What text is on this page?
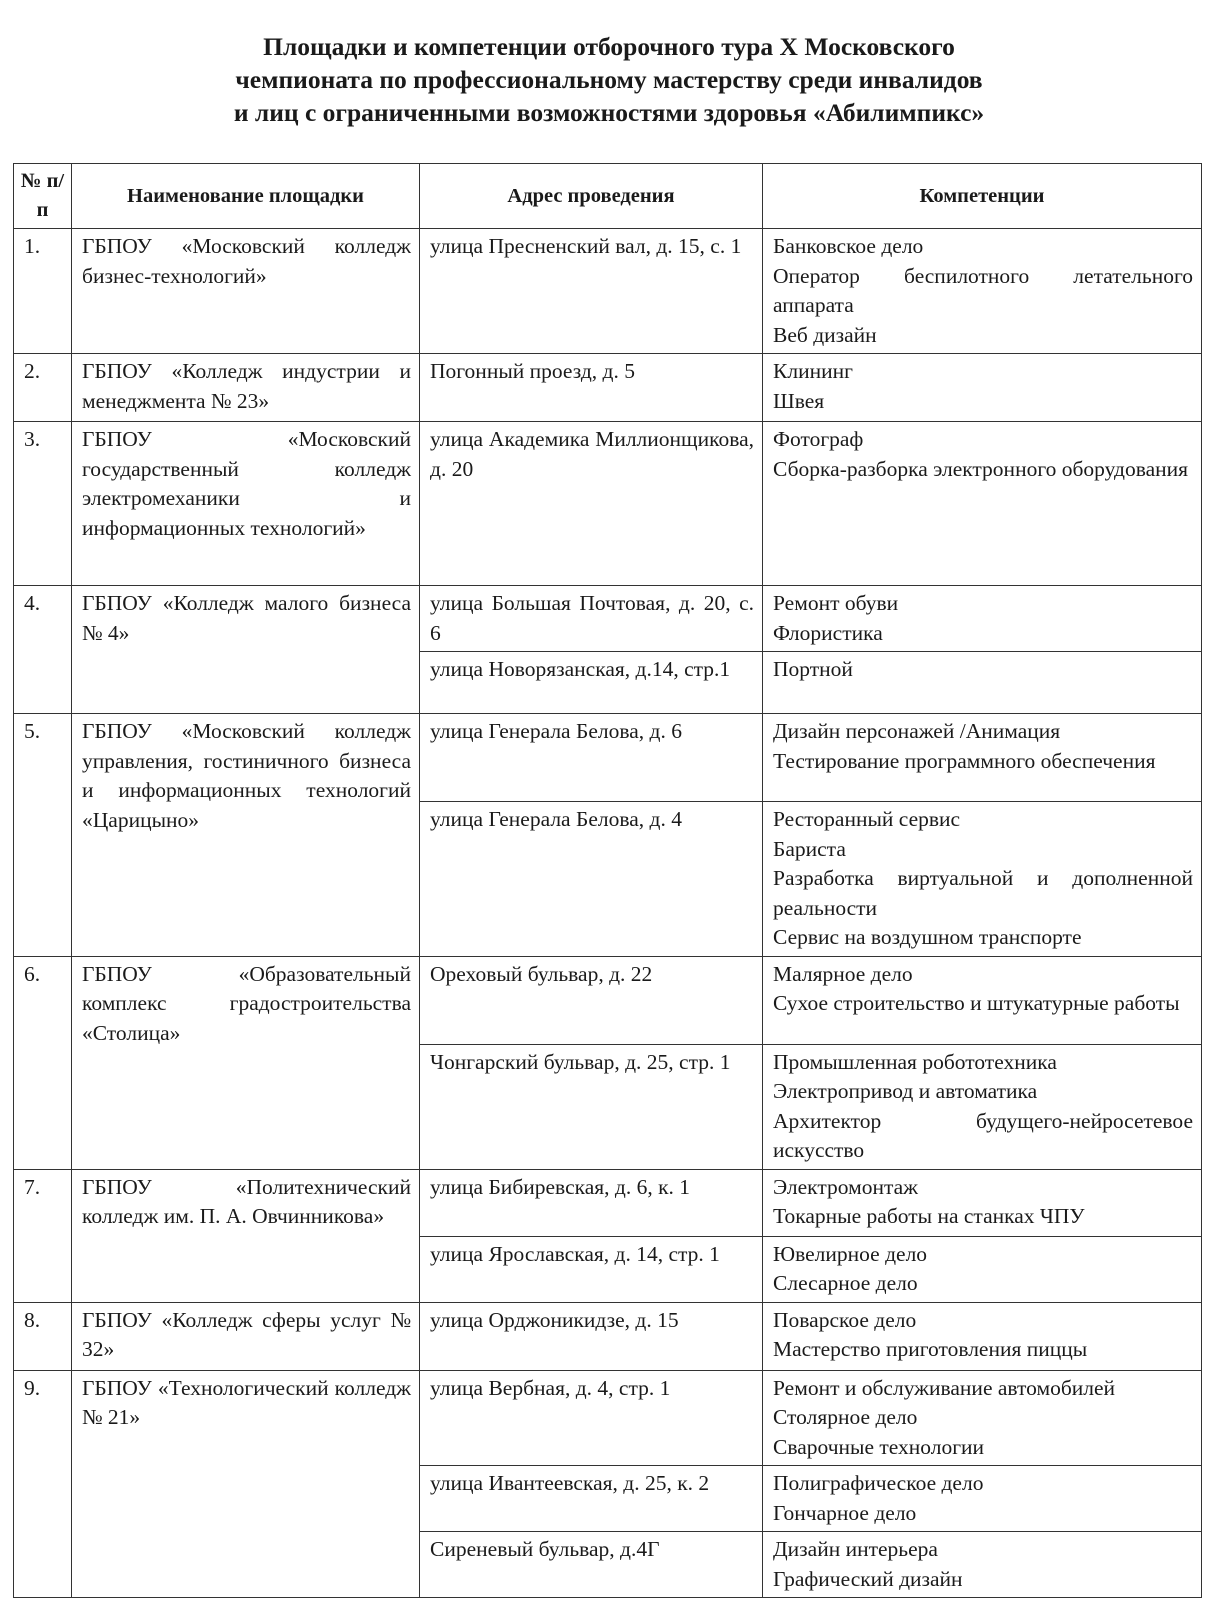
Площадки и компетенции отборочного тура X Московского
чемпионата по профессиональному мастерству среди инвалидов
и лиц с ограниченными возможностями здоровья «Абилимпикс»
№ п/п	Наименование площадки	Адрес проведения	Компетенции
1.	ГБПОУ «Московский колледж бизнес-технологий»	улица Пресненский вал, д. 15, с. 1	Банковское дело
Оператор беспилотного летательного аппарата
Веб дизайн

2.	ГБПОУ «Колледж индустрии и менеджмента № 23»	Погонный проезд, д. 5	Клининг
Швея

3.	ГБПОУ «Московский государственный колледж электромеханики и информационных технологий»	улица Академика Миллионщикова, д. 20	Фотограф
Сборка-разборка электронного оборудования

4.	ГБПОУ «Колледж малого бизнеса № 4»	улица Большая Почтовая, д. 20, с. 6	Ремонт обуви
Флористика

		улица Новорязанская, д.14, стр.1	Портной

5.	ГБПОУ «Московский колледж управления, гостиничного бизнеса и информационных технологий «Царицыно»	улица Генерала Белова, д. 6	Дизайн персонажей /Анимация
Тестирование программного обеспечения

		улица Генерала Белова, д. 4	Ресторанный сервис
Бариста
Разработка виртуальной и дополненной реальности
Сервис на воздушном транспорте

6.	ГБПОУ «Образовательный комплекс градостроительства «Столица»	Ореховый бульвар, д. 22	Малярное дело
Сухое строительство и штукатурные работы

		Чонгарский бульвар, д. 25, стр. 1	Промышленная робототехника
Электропривод и автоматика
Архитектор будущего-нейросетевое искусство

7.	ГБПОУ «Политехнический колледж им. П. А. Овчинникова»	улица Бибиревская, д. 6, к. 1	Электромонтаж
Токарные работы на станках ЧПУ

		улица Ярославская, д. 14, стр. 1	Ювелирное дело
Слесарное дело

8.	ГБПОУ «Колледж сферы услуг № 32»	улица Орджоникидзе, д. 15	Поварское дело
Мастерство приготовления пиццы

9.	ГБПОУ «Технологический колледж № 21»	улица Вербная, д. 4, стр. 1	Ремонт и обслуживание автомобилей
Столярное дело
Сварочные технологии

		улица Ивантеевская, д. 25, к. 2	Полиграфическое дело
Гончарное дело

		Сиреневый бульвар, д.4Г	Дизайн интерьера
Графический дизайн
